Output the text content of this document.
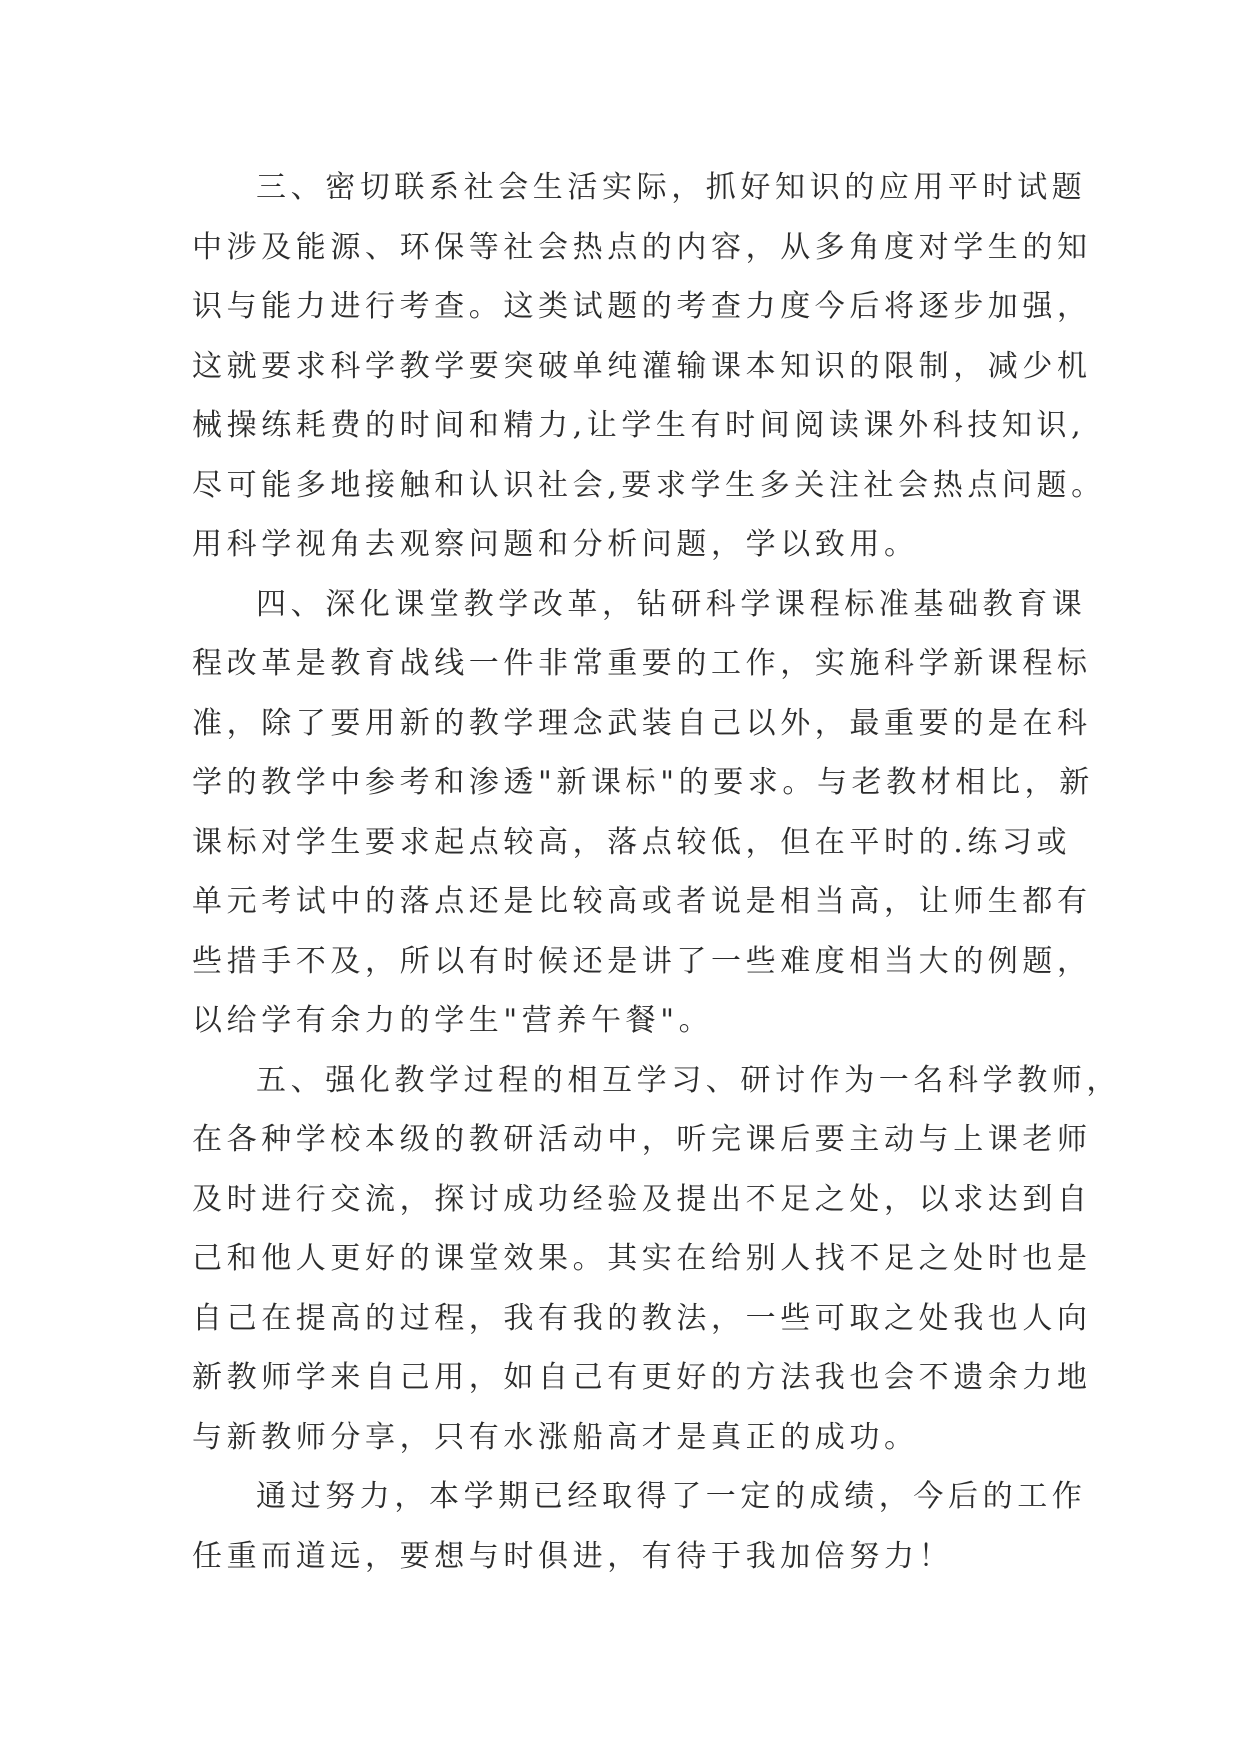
三、密切联系社会生活实际，抓好知识的应用平时试题
中涉及能源、环保等社会热点的内容，从多角度对学生的知
识与能力进行考查。这类试题的考查力度今后将逐步加强，
这就要求科学教学要突破单纯灌输课本知识的限制，减少机
械操练耗费的时间和精力,让学生有时间阅读课外科技知识,
尽可能多地接触和认识社会,要求学生多关注社会热点问题。
用科学视角去观察问题和分析问题，学以致用。
四、深化课堂教学改革，钻研科学课程标准基础教育课
程改革是教育战线一件非常重要的工作，实施科学新课程标
准，除了要用新的教学理念武装自己以外，最重要的是在科
学的教学中参考和渗透"新课标"的要求。与老教材相比，新
课标对学生要求起点较高，落点较低，但在平时的.练习或
单元考试中的落点还是比较高或者说是相当高，让师生都有
些措手不及，所以有时候还是讲了一些难度相当大的例题，
以给学有余力的学生"营养午餐"。
五、强化教学过程的相互学习、研讨作为一名科学教师，
在各种学校本级的教研活动中，听完课后要主动与上课老师
及时进行交流，探讨成功经验及提出不足之处，以求达到自
己和他人更好的课堂效果。其实在给别人找不足之处时也是
自己在提高的过程，我有我的教法，一些可取之处我也人向
新教师学来自己用，如自己有更好的方法我也会不遗余力地
与新教师分享，只有水涨船高才是真正的成功。
通过努力，本学期已经取得了一定的成绩，今后的工作
任重而道远，要想与时俱进，有待于我加倍努力！
